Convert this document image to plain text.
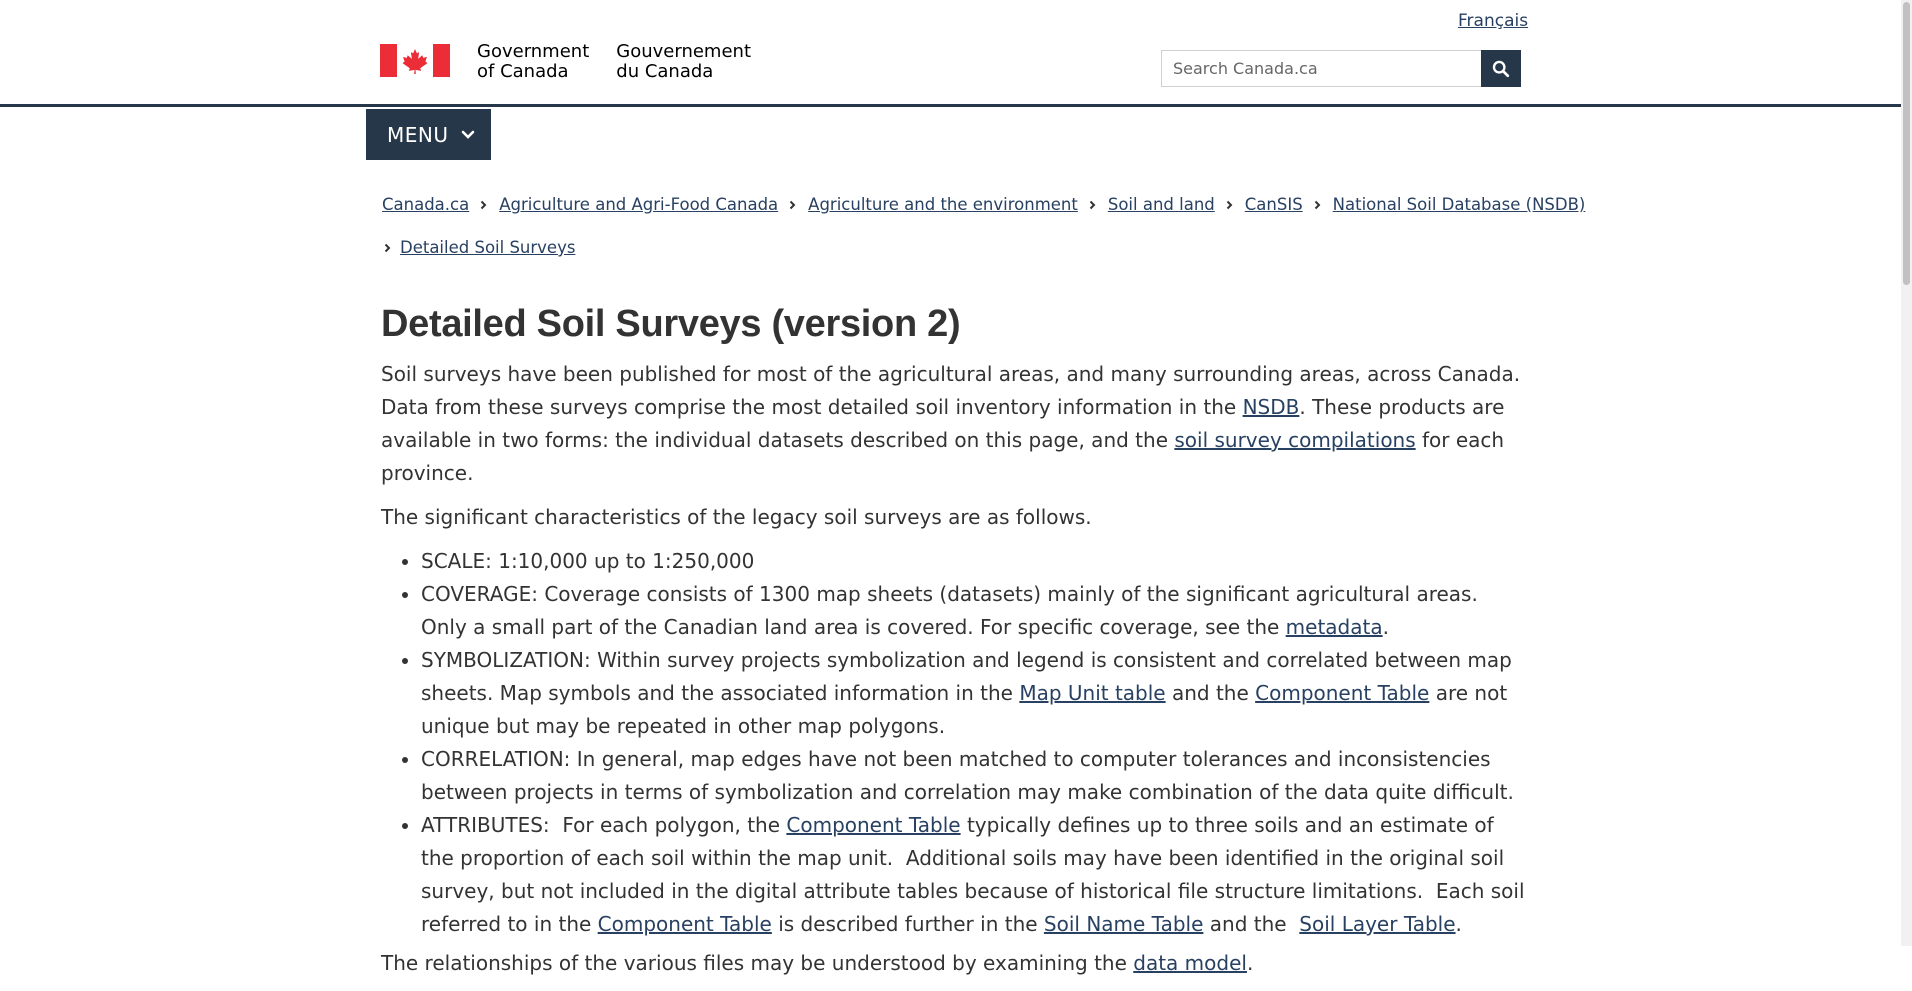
Français
Government
of Canada
Gouvernement
du Canada
Search Canada.ca
MENU
Canada.ca Agriculture and Agri-Food Canada Agriculture and the environment Soil and land CanSIS National Soil Database (NSDB)
Detailed Soil Surveys
Detailed Soil Surveys (version 2)

Soil surveys have been published for most of the agricultural areas, and many surrounding areas, across Canada. Data from these surveys comprise the most detailed soil inventory information in the NSDB. These products are available in two forms: the individual datasets described on this page, and the soil survey compilations for each province.

The significant characteristics of the legacy soil surveys are as follows.

• SCALE: 1:10,000 up to 1:250,000
• COVERAGE: Coverage consists of 1300 map sheets (datasets) mainly of the significant agricultural areas. Only a small part of the Canadian land area is covered. For specific coverage, see the metadata.
• SYMBOLIZATION: Within survey projects symbolization and legend is consistent and correlated between map sheets. Map symbols and the associated information in the Map Unit table and the Component Table are not unique but may be repeated in other map polygons.
• CORRELATION: In general, map edges have not been matched to computer tolerances and inconsistencies between projects in terms of symbolization and correlation may make combination of the data quite difficult.
• ATTRIBUTES:  For each polygon, the Component Table typically defines up to three soils and an estimate of the proportion of each soil within the map unit.  Additional soils may have been identified in the original soil survey, but not included in the digital attribute tables because of historical file structure limitations.  Each soil referred to in the Component Table is described further in the Soil Name Table and the  Soil Layer Table.

The relationships of the various files may be understood by examining the data model.
